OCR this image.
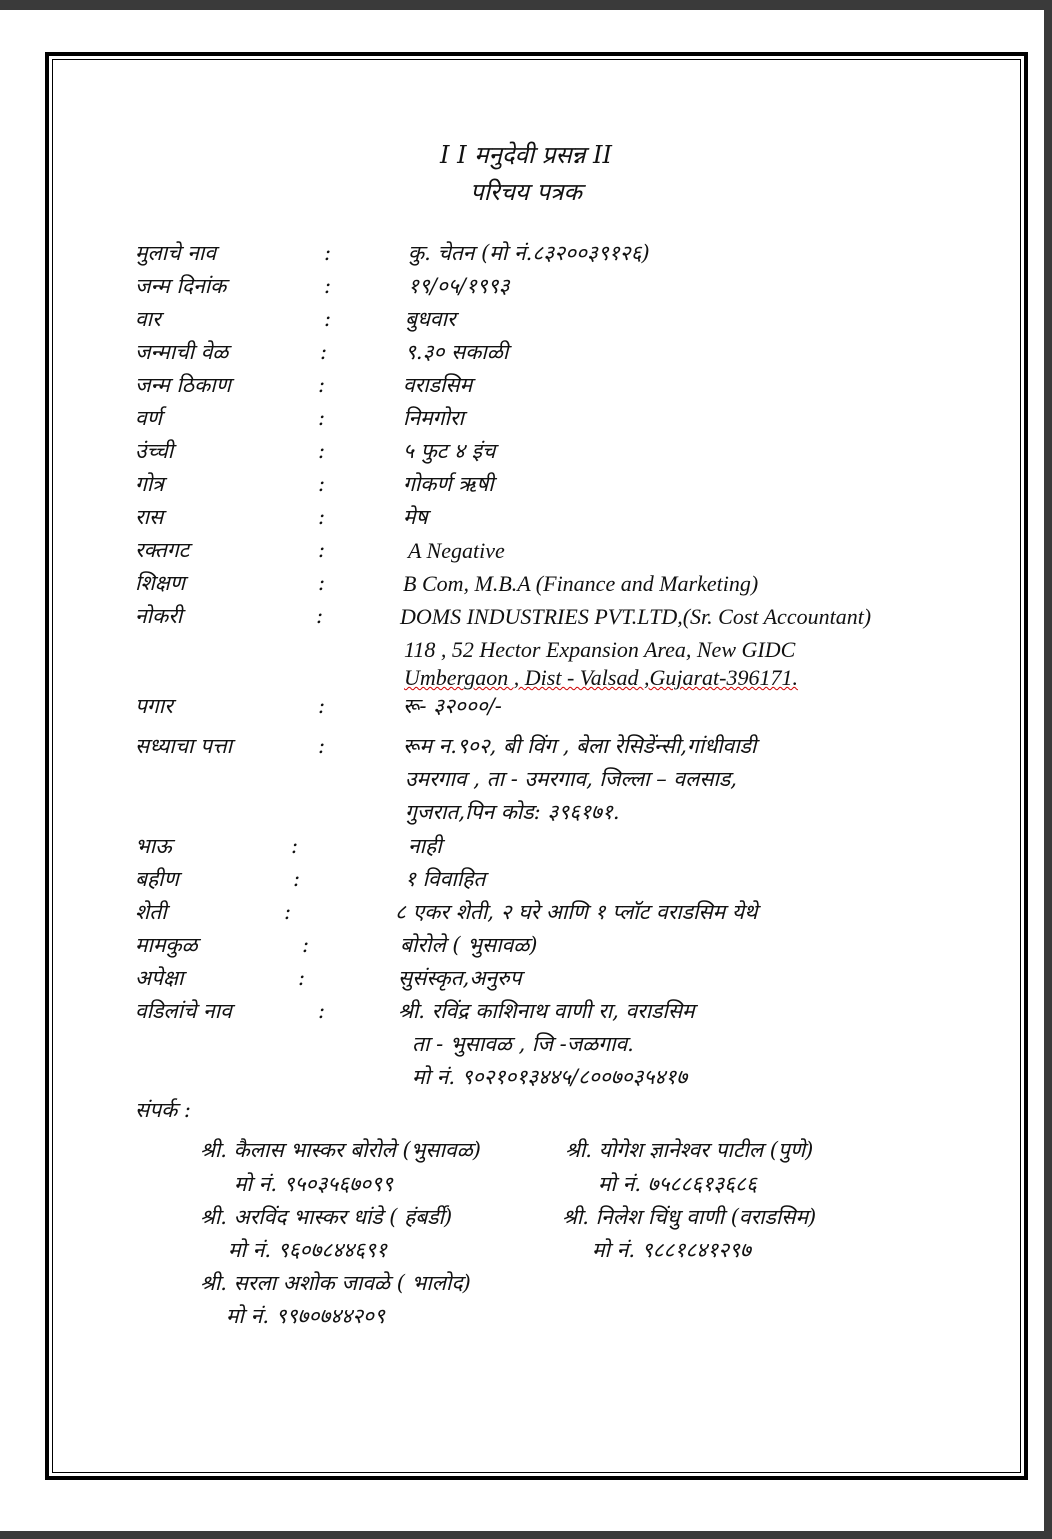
I I मनुदेवी प्रसन्न II
परिचय पत्रक
मुलाचे नाव	:	कु. चेतन (मो नं.८३२००३९१२६)
जन्म दिनांक	:	१९/०५/१९९३
वार	:	बुधवार
जन्माची वेळ	:	९.३० सकाळी
जन्म ठिकाण	:	वराडसिम
वर्ण	:	निमगोरा
उंच्ची	:	५ फुट ४ इंच
गोत्र	:	गोकर्ण ऋषी
रास	:	मेष
रक्तगट	:	A Negative
शिक्षण	:	B Com, M.B.A (Finance and Marketing)
नोकरी	:	DOMS INDUSTRIES PVT.LTD,(Sr. Cost Accountant)
118 , 52 Hector Expansion Area, New GIDC
Umbergaon , Dist - Valsad ,Gujarat-396171.
पगार	:	रू- ३२०००/-
सध्याचा पत्ता	:	रूम न.९०२, बी विंग , बेला रेसिडेंन्सी,गांधीवाडी
उमरगाव , ता - उमरगाव, जिल्ला – वलसाड,
गुजरात,पिन कोड: ३९६१७१.
भाऊ	:	नाही
बहीण	:	१ विवाहित
शेती	:	८ एकर शेती, २ घरे आणि १ प्लॉट वराडसिम येथे
मामकुळ	:	बोरोले ( भुसावळ)
अपेक्षा	:	सुसंस्कृत,अनुरुप
वडिलांचे नाव	:	श्री. रविंद्र काशिनाथ वाणी रा, वराडसिम
ता - भुसावळ , जि -जळगाव.
मो नं. ९०२१०१३४४५/८००७०३५४१७
संपर्क :
श्री. कैलास भास्कर बोरोले (भुसावळ)
मो नं. ९५०३५६७०९९
श्री. योगेश ज्ञानेश्वर पाटील (पुणे)
मो नं. ७५८८६१३६८६
श्री. अरविंद भास्कर धांडे ( हंबर्डी)
मो नं. ९६०७८४४६९१
श्री. निलेश चिंधु वाणी (वराडसिम)
मो नं. ९८८१८४१२९७
श्री. सरला अशोक जावळे ( भालोद)
मो नं. ९९७०७४४२०९
